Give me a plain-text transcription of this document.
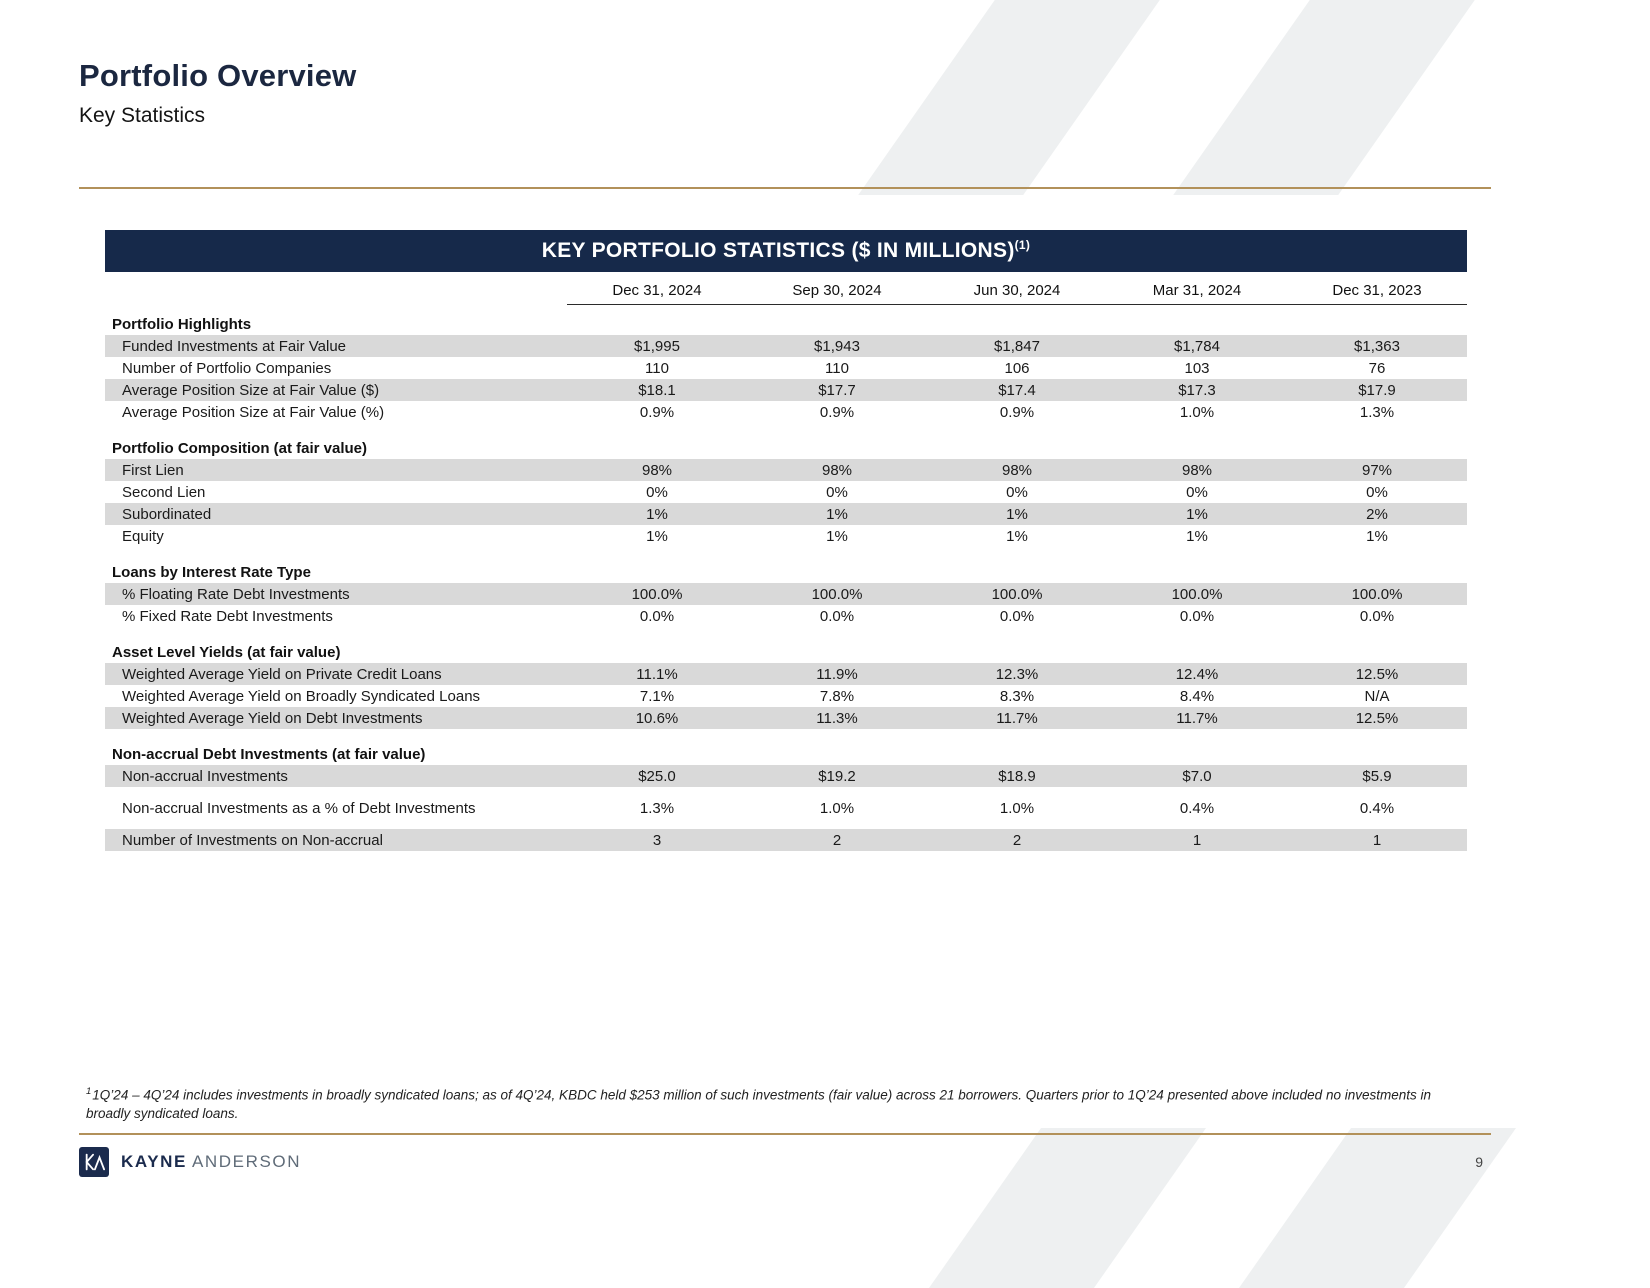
Portfolio Overview
Key Statistics
KEY PORTFOLIO STATISTICS ($ IN MILLIONS)$^{(1)}$
Dec 31, 2024	Sep 30, 2024	Jun 30, 2024	Mar 31, 2024	Dec 31, 2023
Portfolio Highlights
Funded Investments at Fair Value	$1,995	$1,943	$1,847	$1,784	$1,363
Number of Portfolio Companies	110	110	106	103	76
Average Position Size at Fair Value ($)	$18.1	$17.7	$17.4	$17.3	$17.9
Average Position Size at Fair Value (%)	0.9%	0.9%	0.9%	1.0%	1.3%
Portfolio Composition (at fair value)
First Lien	98%	98%	98%	98%	97%
Second Lien	0%	0%	0%	0%	0%
Subordinated	1%	1%	1%	1%	2%
Equity	1%	1%	1%	1%	1%
Loans by Interest Rate Type
% Floating Rate Debt Investments	100.0%	100.0%	100.0%	100.0%	100.0%
% Fixed Rate Debt Investments	0.0%	0.0%	0.0%	0.0%	0.0%
Asset Level Yields (at fair value)
Weighted Average Yield on Private Credit Loans	11.1%	11.9%	12.3%	12.4%	12.5%
Weighted Average Yield on Broadly Syndicated Loans	7.1%	7.8%	8.3%	8.4%	N/A
Weighted Average Yield on Debt Investments	10.6%	11.3%	11.7%	11.7%	12.5%
Non-accrual Debt Investments (at fair value)
Non-accrual Investments	$25.0	$19.2	$18.9	$7.0	$5.9
Non-accrual Investments as a % of Debt Investments	1.3%	1.0%	1.0%	0.4%	0.4%
Number of Investments on Non-accrual	3	2	2	1	1
$^1$1Q’24 – 4Q’24 includes investments in broadly syndicated loans; as of 4Q’24, KBDC held $253 million of such investments (fair value) across 21 borrowers. Quarters prior to 1Q’24 presented above included no investments in broadly syndicated loans.
KAYNE ANDERSON	9
